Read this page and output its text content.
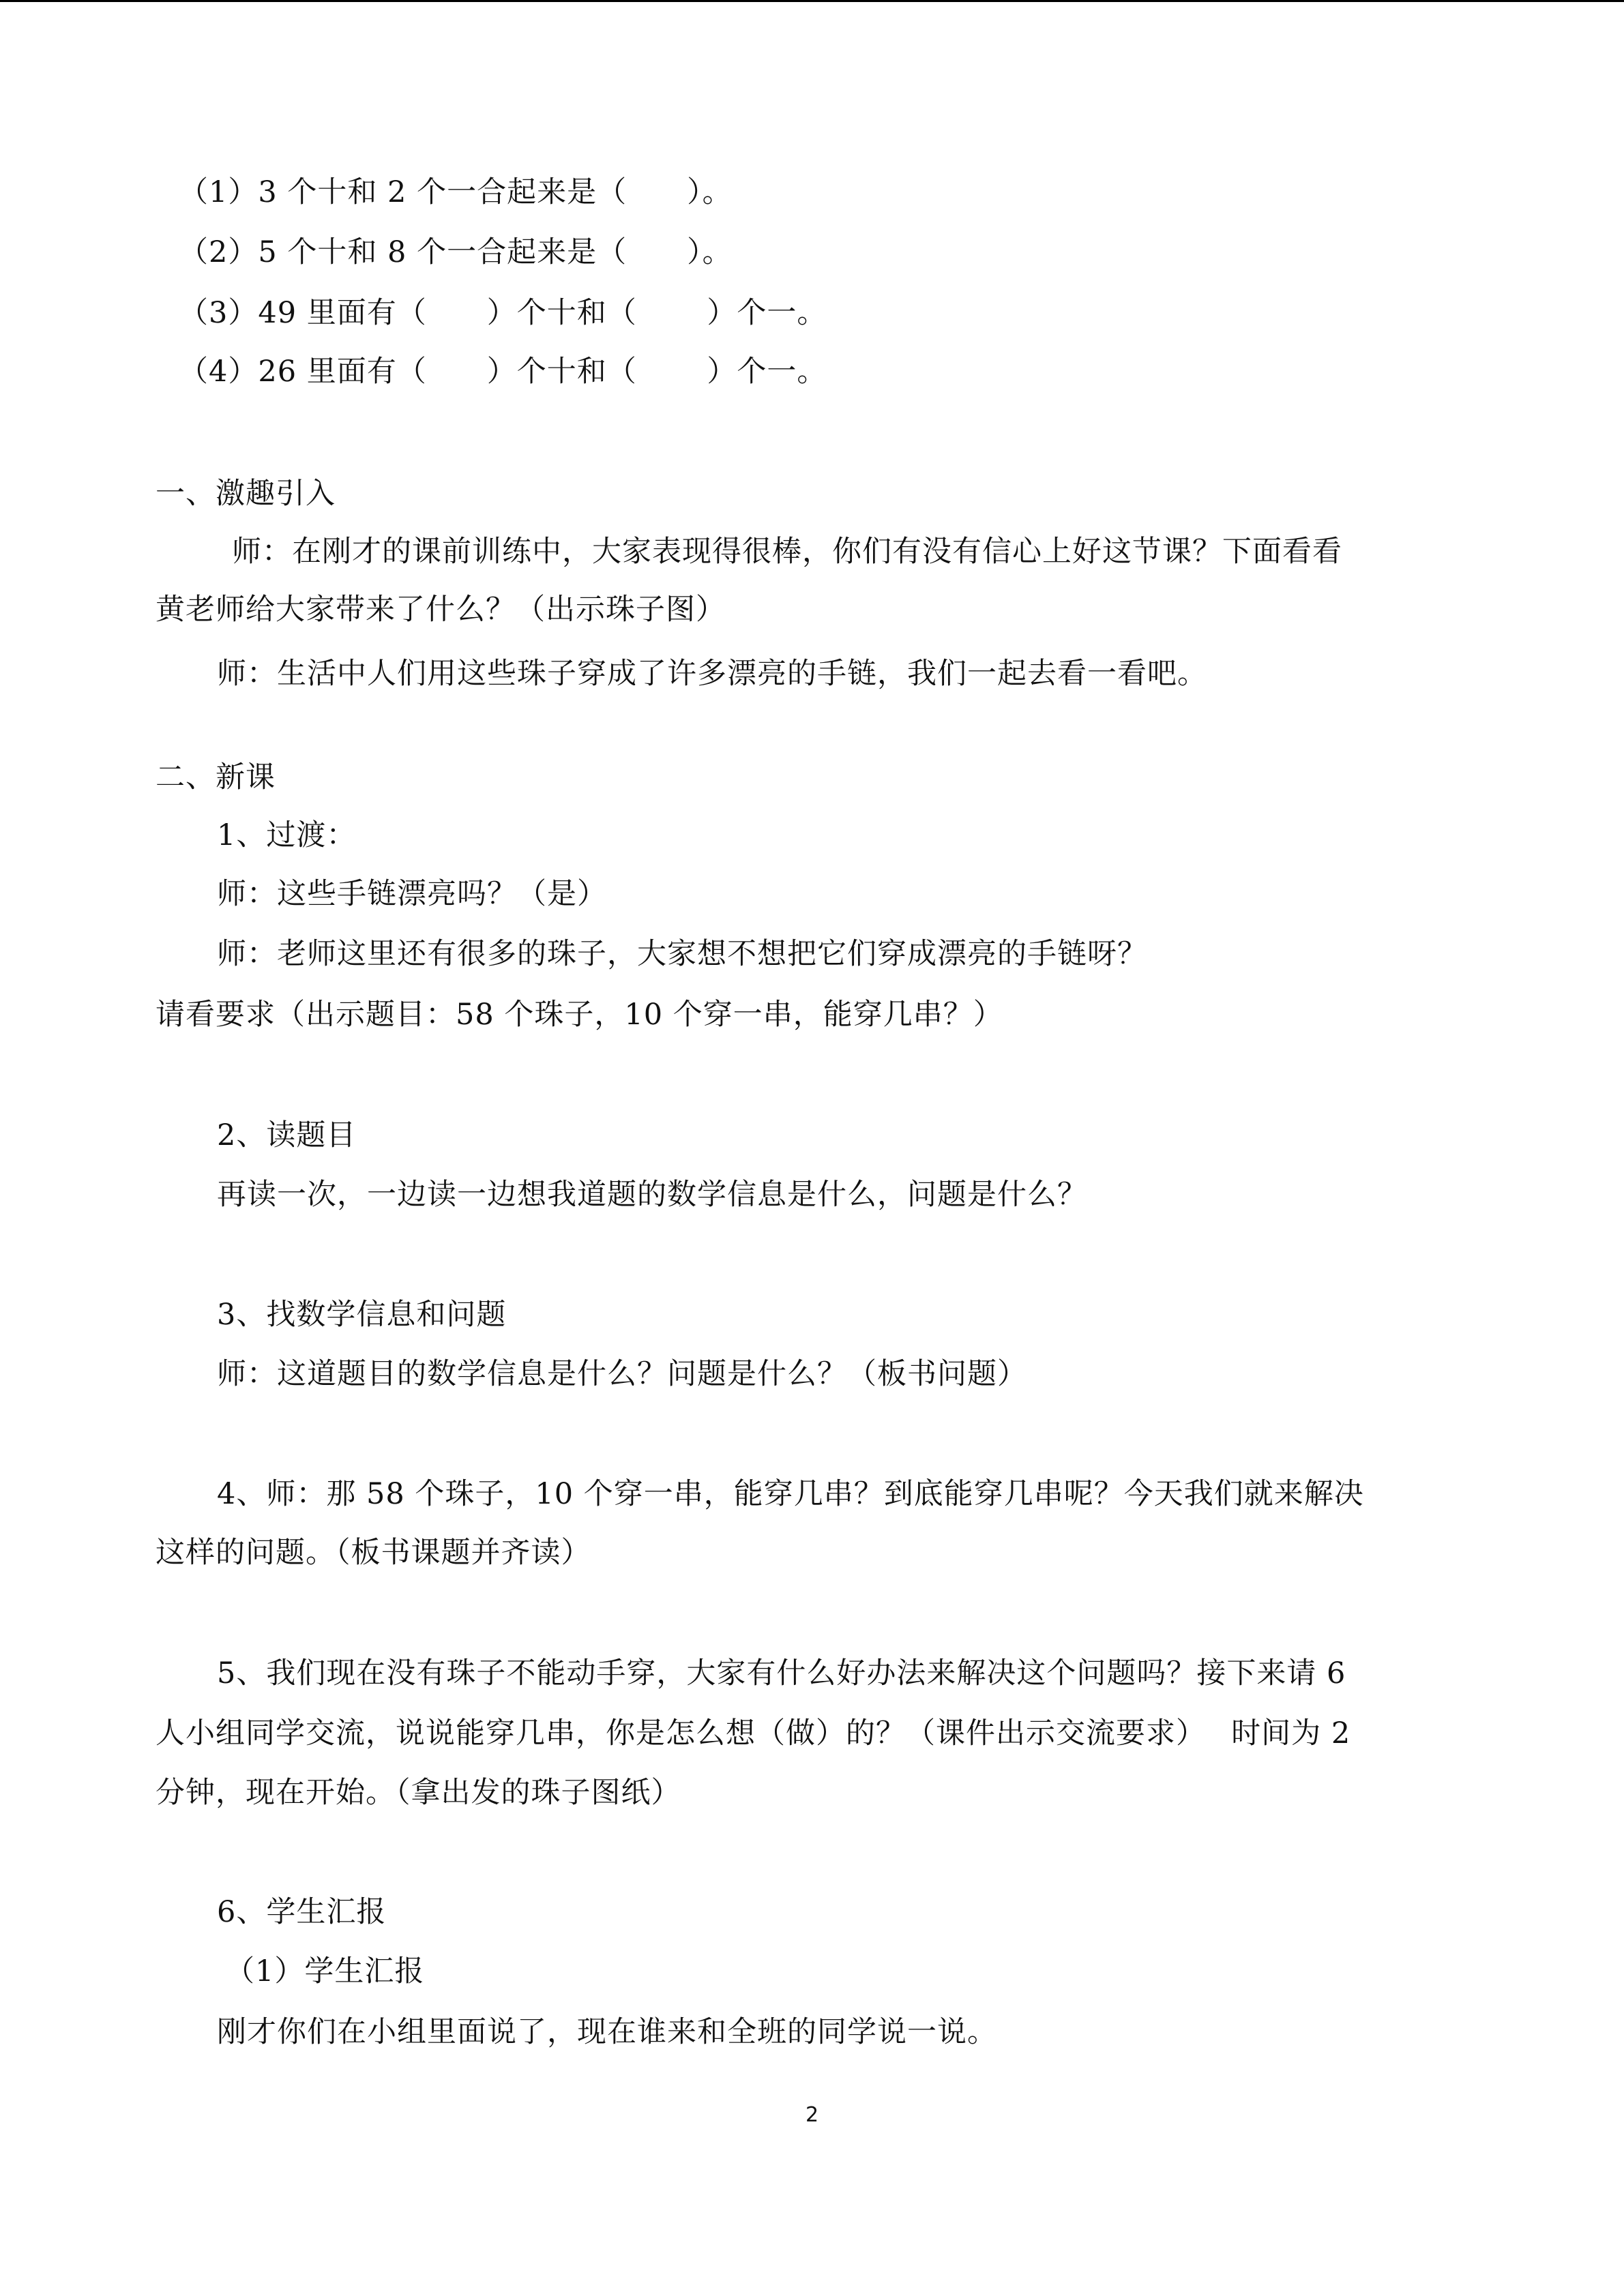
（1）3 个十和 2 个一合起来是（　　）。
（2）5 个十和 8 个一合起来是（　　）。
（3）49 里面有（　　）个十和（　　 ）个一。
（4）26 里面有（　　）个十和（　　 ）个一。
一、激趣引入
师：在刚才的课前训练中，大家表现得很棒，你们有没有信心上好这节课？下面看看
黄老师给大家带来了什么？（出示珠子图）
师：生活中人们用这些珠子穿成了许多漂亮的手链，我们一起去看一看吧。
二、新课
1、过渡：
师：这些手链漂亮吗？（是）
师：老师这里还有很多的珠子，大家想不想把它们穿成漂亮的手链呀？
请看要求（出示题目：58 个珠子，10 个穿一串，能穿几串？）
2、读题目
再读一次，一边读一边想我道题的数学信息是什么，问题是什么？
3、找数学信息和问题
师：这道题目的数学信息是什么？问题是什么？（板书问题）
4、师：那 58 个珠子，10 个穿一串，能穿几串？到底能穿几串呢？今天我们就来解决
这样的问题。（板书课题并齐读）
5、我们现在没有珠子不能动手穿，大家有什么好办法来解决这个问题吗？接下来请 6
人小组同学交流，说说能穿几串，你是怎么想（做）的？（课件出示交流要求）　 时间为 2
分钟，现在开始。（拿出发的珠子图纸）
6、学生汇报
（1）学生汇报
刚才你们在小组里面说了，现在谁来和全班的同学说一说。
2
